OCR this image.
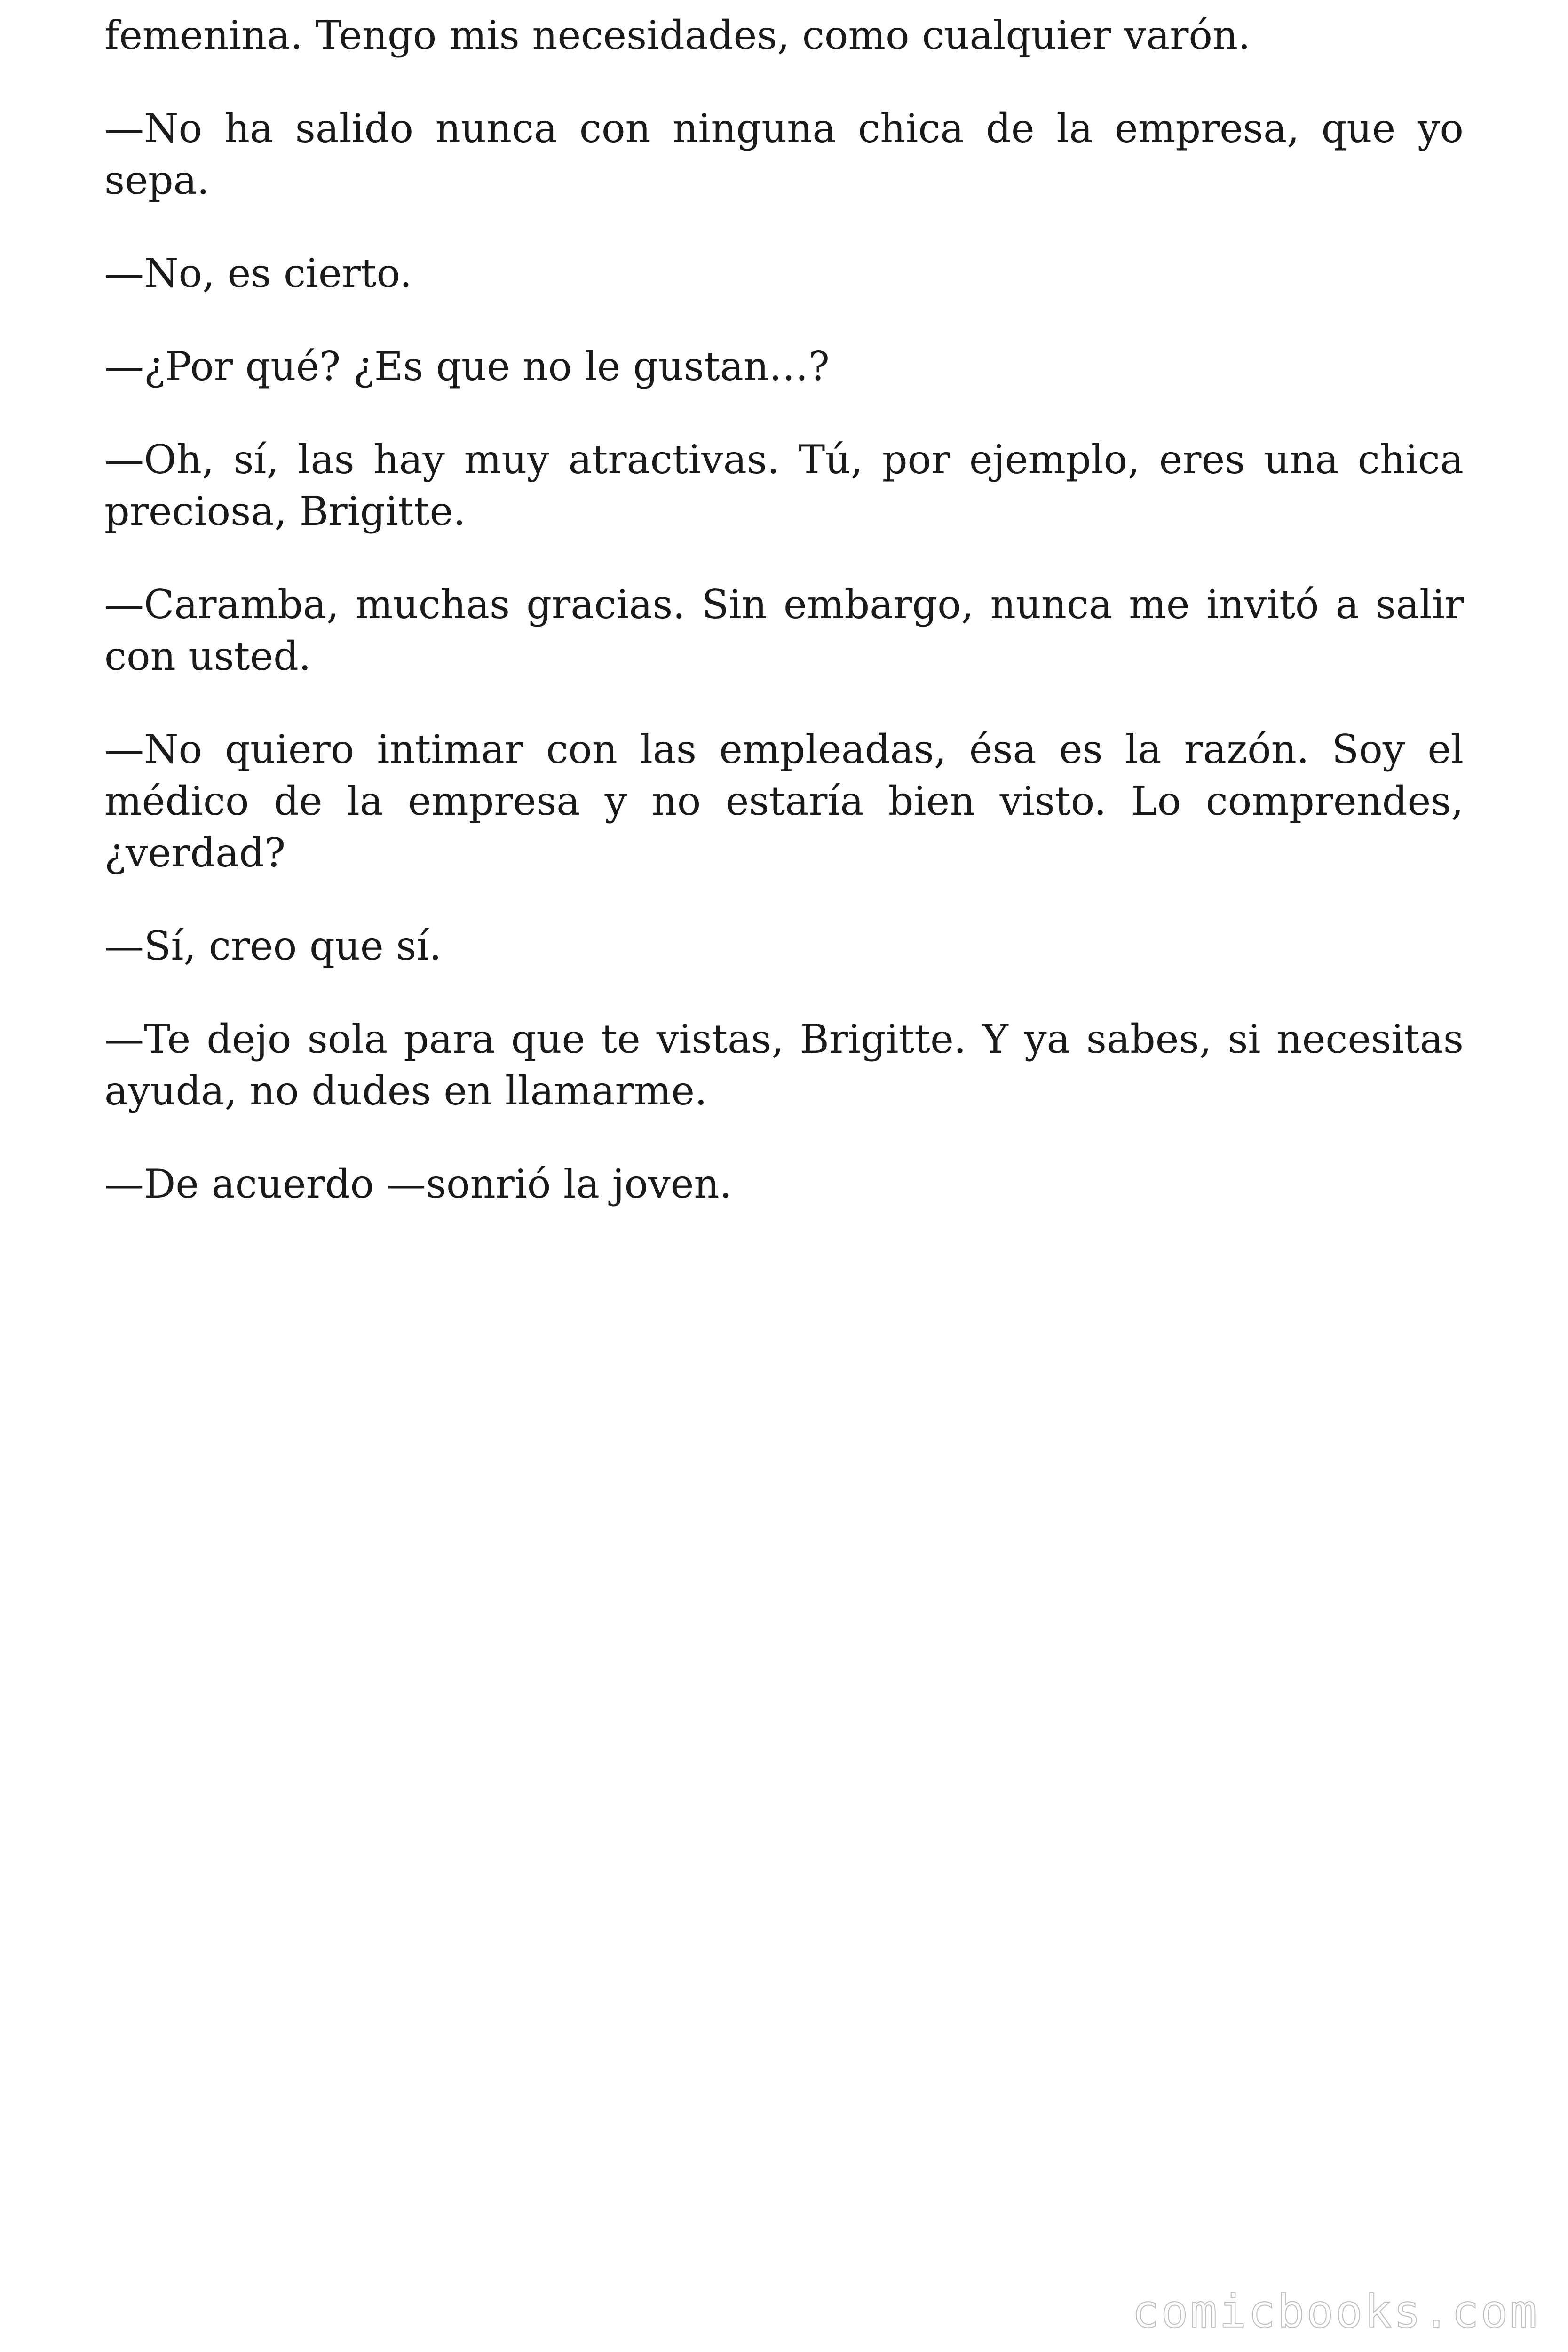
femenina. Tengo mis necesidades, como cualquier varón.

—No ha salido nunca con ninguna chica de la empresa, que yo sepa.

—No, es cierto.

—¿Por qué? ¿Es que no le gustan…?

—Oh, sí, las hay muy atractivas. Tú, por ejemplo, eres una chica preciosa, Brigitte.

—Caramba, muchas gracias. Sin embargo, nunca me invitó a salir con usted.

—No quiero intimar con las empleadas, ésa es la razón. Soy el médico de la empresa y no estaría bien visto. Lo comprendes, ¿verdad?

—Sí, creo que sí.

—Te dejo sola para que te vistas, Brigitte. Y ya sabes, si necesitas ayuda, no dudes en llamarme.

—De acuerdo —sonrió la joven.

comicbooks.com
